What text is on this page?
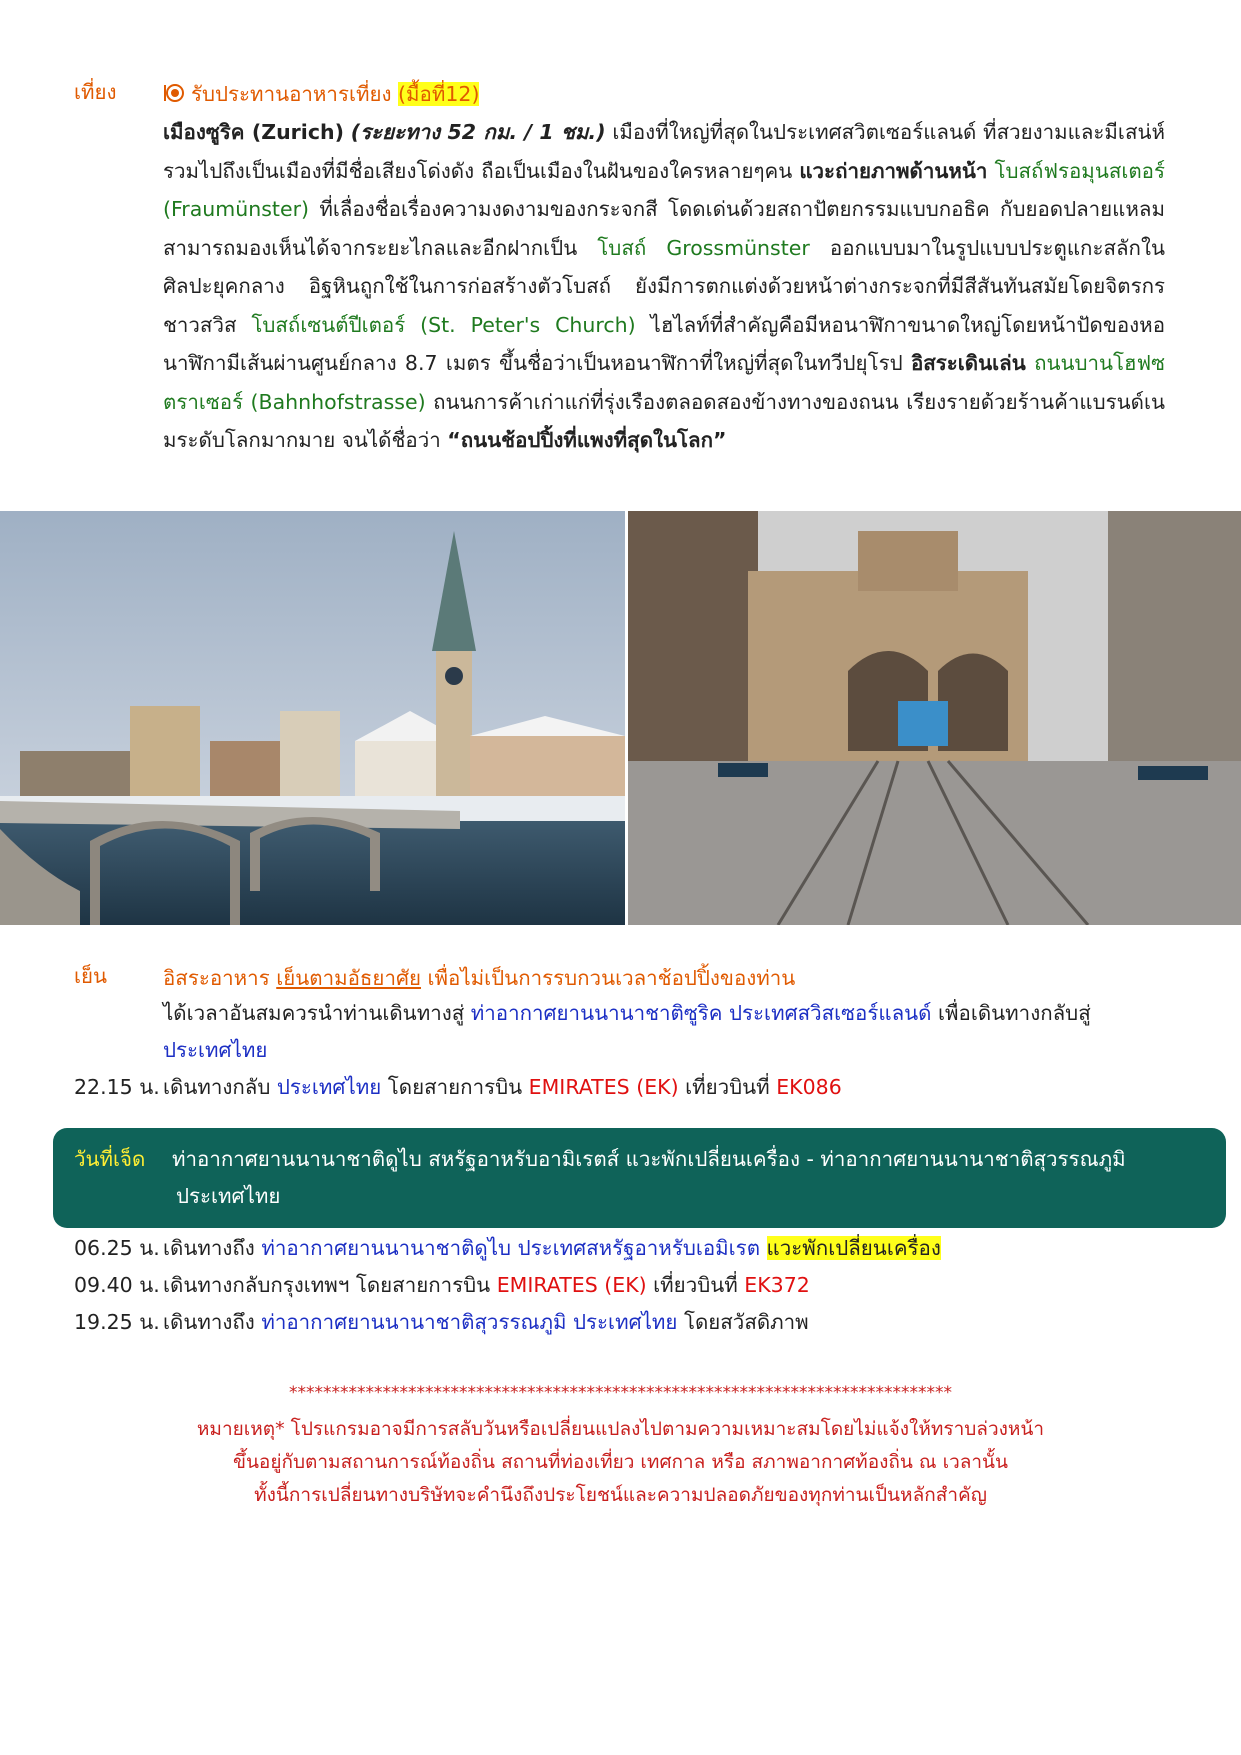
เที่ยง	รับประทานอาหารเที่ยง (มื้อที่12)
เมืองซูริค (Zurich) (ระยะทาง 52 กม. / 1 ชม.) เมืองที่ใหญ่ที่สุดในประเทศสวิตเซอร์แลนด์ ที่สวยงามและมีเสน่ห์ รวมไปถึงเป็นเมืองที่มีชื่อเสียงโด่งดัง ถือเป็นเมืองในฝันของใครหลายๆคน แวะถ่ายภาพด้านหน้า โบสถ์ฟรอมุนสเตอร์ (Fraumünster) ที่เลื่องชื่อเรื่องความงดงามของกระจกสี โดดเด่นด้วยสถาปัตยกรรมแบบกอธิค กับยอดปลายแหลมสามารถมองเห็นได้จากระยะไกลและอีกฝากเป็น โบสถ์ Grossmünster ออกแบบมาในรูปแบบประตูแกะสลักในศิลปะยุคกลาง อิฐหินถูกใช้ในการก่อสร้างตัวโบสถ์ ยังมีการตกแต่งด้วยหน้าต่างกระจกที่มีสีสันทันสมัยโดยจิตรกรชาวสวิส โบสถ์เซนต์ปีเตอร์ (St. Peter's Church) ไฮไลท์ที่สำคัญคือมีหอนาฬิกาขนาดใหญ่โดยหน้าปัดของหอนาฬิกามีเส้นผ่านศูนย์กลาง 8.7 เมตร ขึ้นชื่อว่าเป็นหอนาฬิกาที่ใหญ่ที่สุดในทวีปยุโรป อิสระเดินเล่น ถนนบานโฮฟซตราเซอร์ (Bahnhofstrasse) ถนนการค้าเก่าแก่ที่รุ่งเรืองตลอดสองข้างทางของถนน เรียงรายด้วยร้านค้าแบรนด์เนมระดับโลกมากมาย จนได้ชื่อว่า “ถนนช้อปปิ้งที่แพงที่สุดในโลก”
เย็น	อิสระอาหาร เย็นตามอัธยาศัย เพื่อไม่เป็นการรบกวนเวลาช้อปปิ้งของท่าน
ได้เวลาอันสมควรนำท่านเดินทางสู่ ท่าอากาศยานนานาชาติซูริค ประเทศสวิสเซอร์แลนด์ เพื่อเดินทางกลับสู่
ประเทศไทย
22.15 น. เดินทางกลับ ประเทศไทย โดยสายการบิน EMIRATES (EK) เที่ยวบินที่ EK086
วันที่เจ็ด ท่าอากาศยานนานาชาติดูไบ สหรัฐอาหรับอามิเรตส์ แวะพักเปลี่ยนเครื่อง - ท่าอากาศยานนานาชาติสุวรรณภูมิ
ประเทศไทย
06.25 น. เดินทางถึง ท่าอากาศยานนานาชาติดูไบ ประเทศสหรัฐอาหรับเอมิเรต แวะพักเปลี่ยนเครื่อง
09.40 น. เดินทางกลับกรุงเทพฯ โดยสายการบิน EMIRATES (EK) เที่ยวบินที่ EK372
19.25 น. เดินทางถึง ท่าอากาศยานนานาชาติสุวรรณภูมิ ประเทศไทย โดยสวัสดิภาพ
******************************************************************************
หมายเหตุ* โปรแกรมอาจมีการสลับวันหรือเปลี่ยนแปลงไปตามความเหมาะสมโดยไม่แจ้งให้ทราบล่วงหน้า
ขึ้นอยู่กับตามสถานการณ์ท้องถิ่น สถานที่ท่องเที่ยว เทศกาล หรือ สภาพอากาศท้องถิ่น ณ เวลานั้น
ทั้งนี้การเปลี่ยนทางบริษัทจะคำนึงถึงประโยชน์และความปลอดภัยของทุกท่านเป็นหลักสำคัญ
